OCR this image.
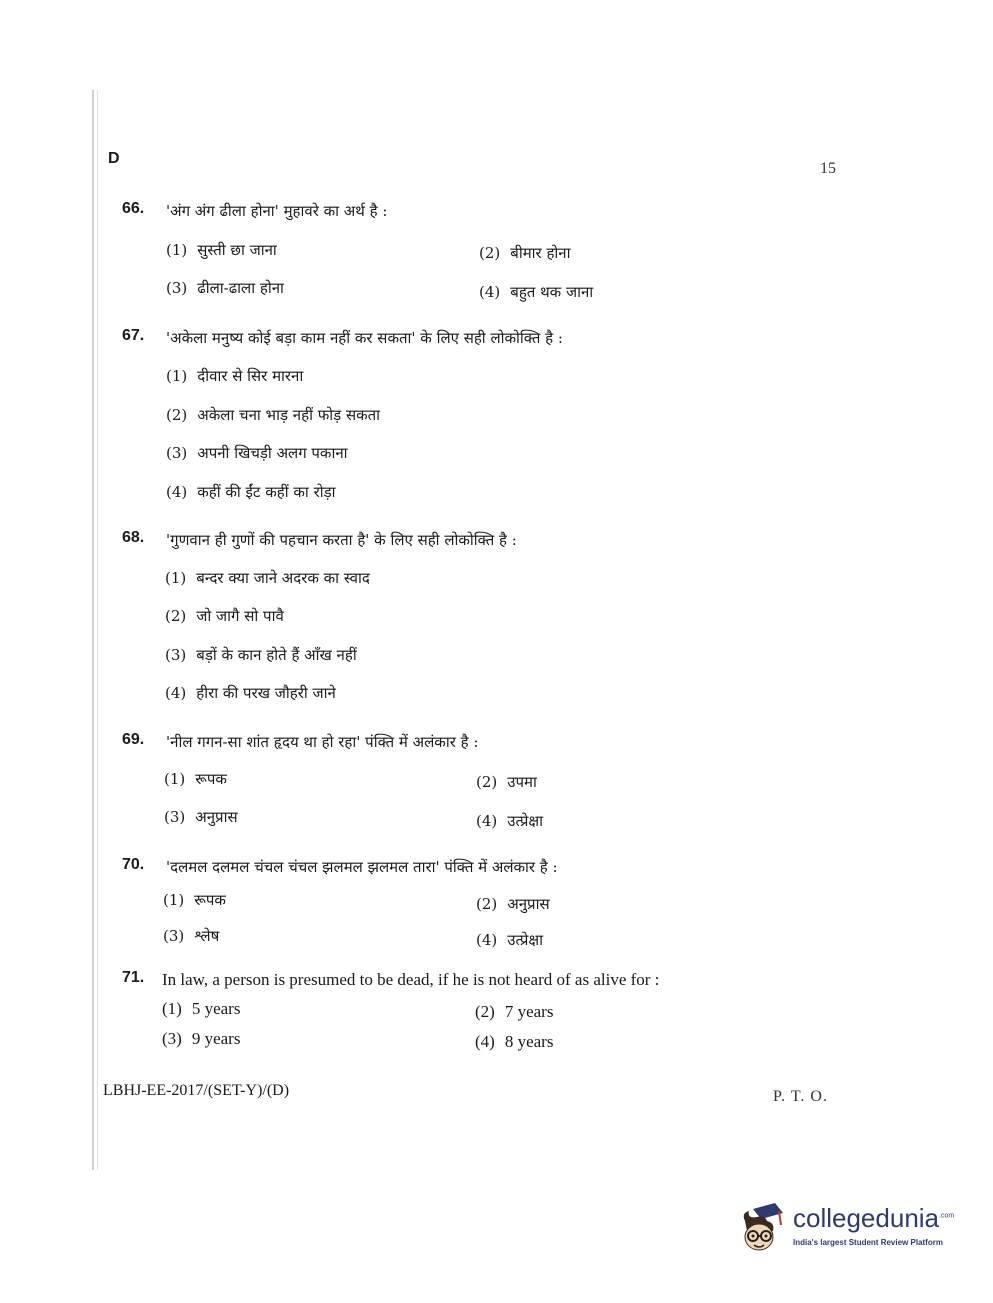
D
15
66. 'अंग अंग ढीला होना' मुहावरे का अर्थ है :
(1) सुस्ती छा जाना	(2) बीमार होना
(3) ढीला-ढाला होना	(4) बहुत थक जाना
67. 'अकेला मनुष्य कोई बड़ा काम नहीं कर सकता' के लिए सही लोकोक्ति है :
(1) दीवार से सिर मारना
(2) अकेला चना भाड़ नहीं फोड़ सकता
(3) अपनी खिचड़ी अलग पकाना
(4) कहीं की ईंट कहीं का रोड़ा
68. 'गुणवान ही गुणों की पहचान करता है' के लिए सही लोकोक्ति है :
(1) बन्दर क्या जाने अदरक का स्वाद
(2) जो जागै सो पावै
(3) बड़ों के कान होते हैं आँख नहीं
(4) हीरा की परख जौहरी जाने
69. 'नील गगन-सा शांत हृदय था हो रहा' पंक्ति में अलंकार है :
(1) रूपक	(2) उपमा
(3) अनुप्रास	(4) उत्प्रेक्षा
70. 'दलमल दलमल चंचल चंचल झलमल झलमल तारा' पंक्ति में अलंकार है :
(1) रूपक	(2) अनुप्रास
(3) श्लेष	(4) उत्प्रेक्षा
71. In law, a person is presumed to be dead, if he is not heard of as alive for :
(1) 5 years	(2) 7 years
(3) 9 years	(4) 8 years
LBHJ-EE-2017/(SET-Y)/(D)	P. T. O.
collegedunia$^{.com}$
India's largest Student Review Platform
